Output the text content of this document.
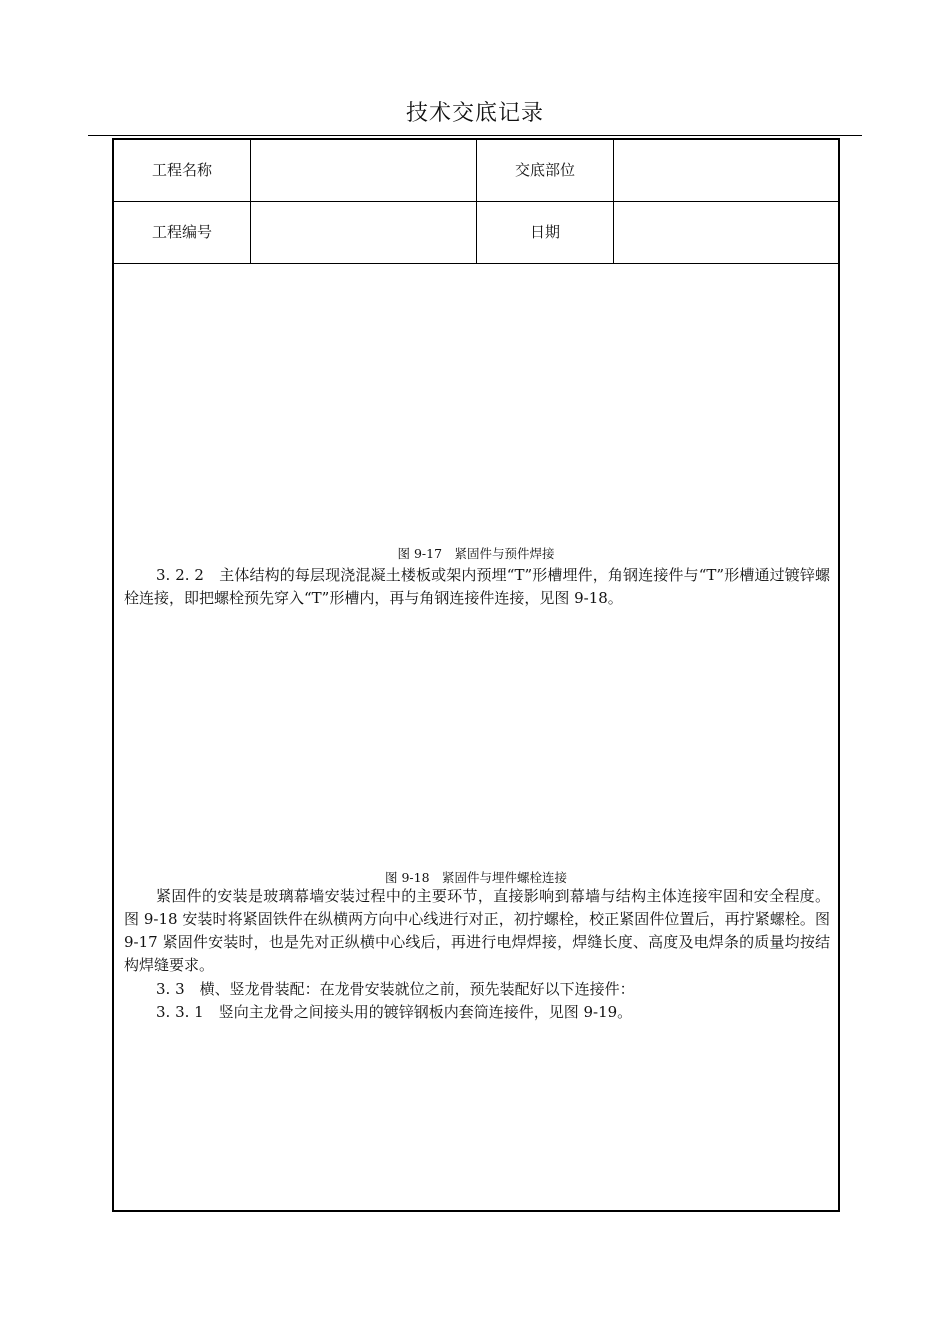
技术交底记录
工程名称	交底部位
工程编号	日期
图 9-17　紧固件与预件焊接
3. 2. 2　主体结构的每层现浇混凝土楼板或架内预埋“T”形槽埋件，角钢连接件与“T”形槽通过镀锌螺栓连接，即把螺栓预先穿入“T”形槽内，再与角钢连接件连接，见图 9-18。
图 9-18　紧固件与埋件螺栓连接
紧固件的安装是玻璃幕墙安装过程中的主要环节，直接影响到幕墙与结构主体连接牢固和安全程度。图 9-18 安装时将紧固铁件在纵横两方向中心线进行对正，初拧螺栓，校正紧固件位置后，再拧紧螺栓。图 9-17 紧固件安装时，也是先对正纵横中心线后，再进行电焊焊接，焊缝长度、高度及电焊条的质量均按结构焊缝要求。
3. 3　横、竖龙骨装配：在龙骨安装就位之前，预先装配好以下连接件：
3. 3. 1　竖向主龙骨之间接头用的镀锌钢板内套筒连接件，见图 9-19。
